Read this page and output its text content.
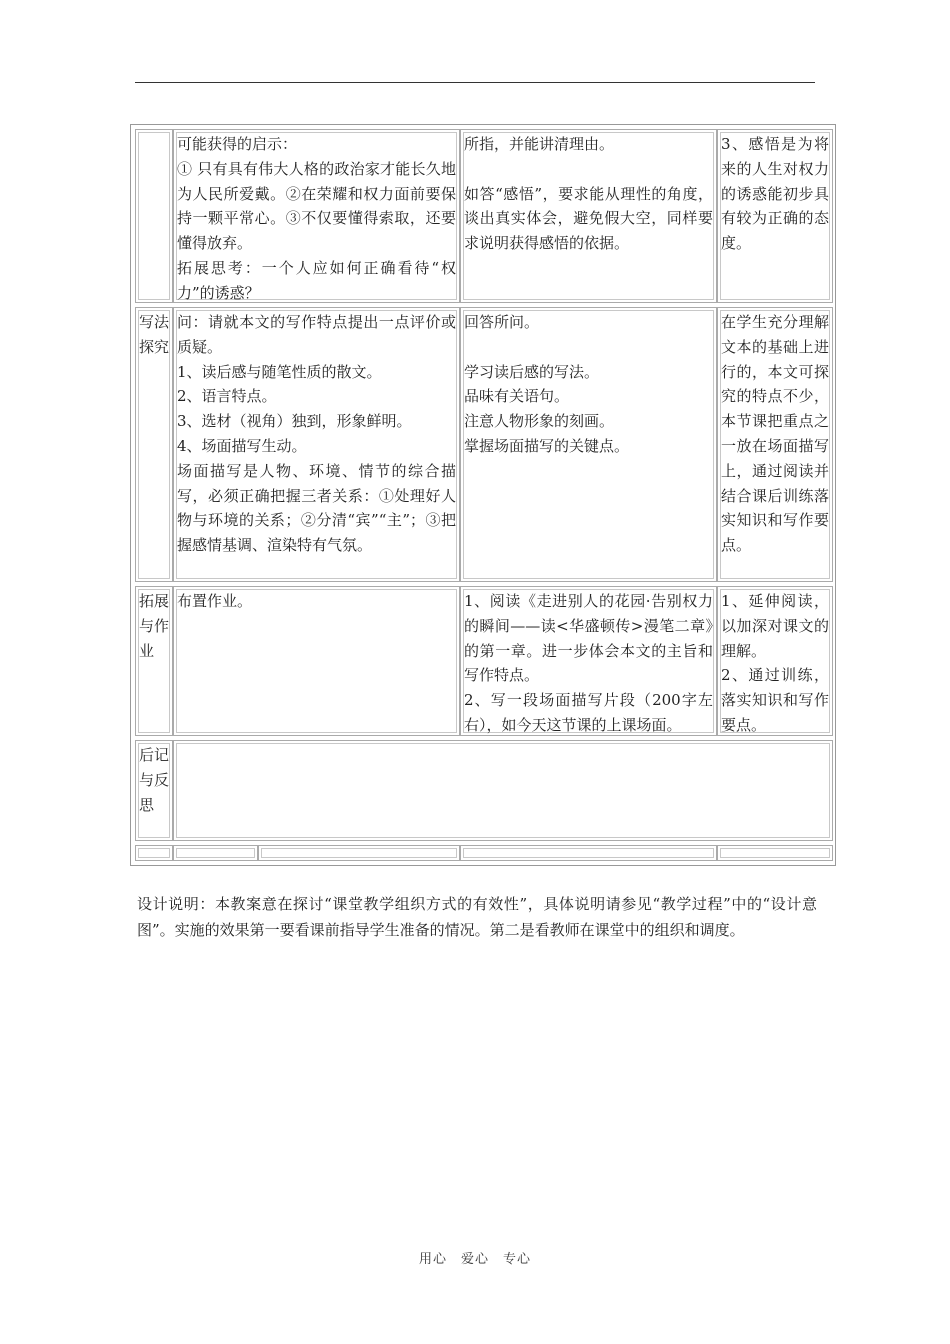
可能获得的启示：

① 只有具有伟大人格的政治家才能长久地为人民所爱戴。②在荣耀和权力面前要保持一颗平常心。③不仅要懂得索取，还要懂得放弃。

拓展思考：一个人应如何正确看待“权力”的诱惑？

所指，并能讲清理由。

如答“感悟”，要求能从理性的角度，谈出真实体会，避免假大空，同样要求说明获得感悟的依据。

3、感悟是为将来的人生对权力的诱惑能初步具有较为正确的态度。

写法探究

问：请就本文的写作特点提出一点评价或质疑。

1、读后感与随笔性质的散文。

2、语言特点。

3、选材（视角）独到，形象鲜明。

4、场面描写生动。

场面描写是人物、环境、情节的综合描写，必须正确把握三者关系：①处理好人物与环境的关系；②分清“宾”“主”；③把握感情基调、渲染特有气氛。

回答所问。

学习读后感的写法。

品味有关语句。

注意人物形象的刻画。

掌握场面描写的关键点。

在学生充分理解文本的基础上进行的，本文可探究的特点不少，本节课把重点之一放在场面描写上，通过阅读并结合课后训练落实知识和写作要点。

拓展与作业

布置作业。	1、阅读《走进别人的花园·告别权力的瞬间——读<华盛顿传>漫笔二章》的第一章。进一步体会本文的主旨和写作特点。

2、写一段场面描写片段（200字左右），如今天这节课的上课场面。

1、延伸阅读，以加深对课文的理解。

2、通过训练，落实知识和写作要点。

后记与反思

设计说明：本教案意在探讨“课堂教学组织方式的有效性”，具体说明请参见“教学过程”中的“设计意图”。实施的效果第一要看课前指导学生准备的情况。第二是看教师在课堂中的组织和调度。
用心　爱心　专心
